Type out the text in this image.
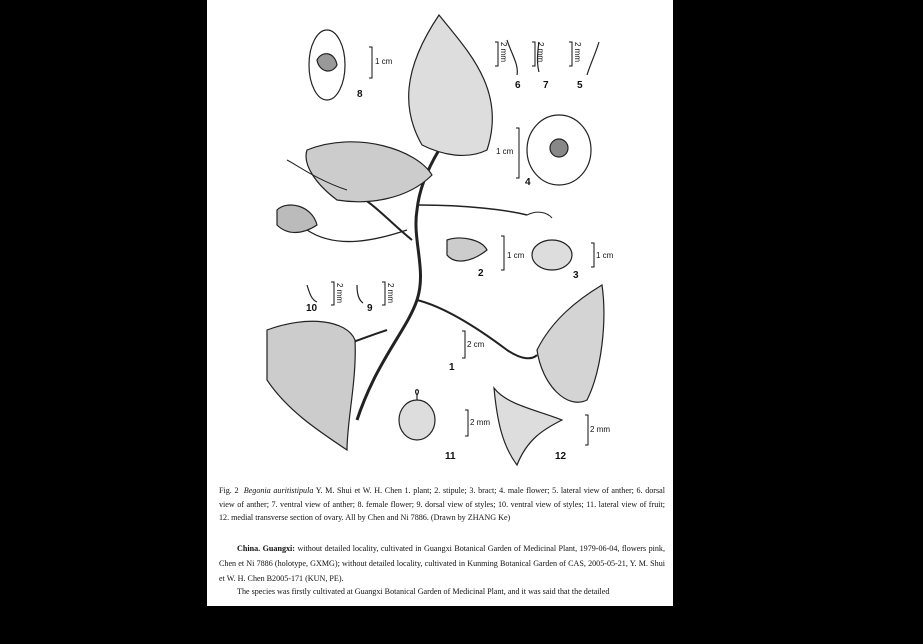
8
6 7	5
4
2	3
10	9
1
11	12
1 cm	2 mm	2 mm	2 mm
1 cm
1 cm	1 cm
2 mm	2 mm
2 cm
2 mm
2 mm
Fig. 2 Begonia auritistipula Y. M. Shui et W. H. Chen 1. plant; 2. stipule; 3. bract; 4. male flower; 5. lateral view of anther; 6. dorsal view of anther; 7. ventral view of anther; 8. female flower; 9. dorsal view of styles; 10. ventral view of styles; 11. lateral view of fruit; 12. medial transverse section of ovary. All by Chen and Ni 7886. (Drawn by ZHANG Ke)
China. Guangxi: without detailed locality, cultivated in Guangxi Botanical Garden of Medicinal Plant, 1979-06-04, flowers pink, Chen et Ni 7886 (holotype, GXMG); without detailed locality, cultivated in Kunming Botanical Garden of CAS, 2005-05-21, Y. M. Shui et W. H. Chen B2005-171 (KUN, PE).
The species was firstly cultivated at Guangxi Botanical Garden of Medicinal Plant, and it was said that the detailed
